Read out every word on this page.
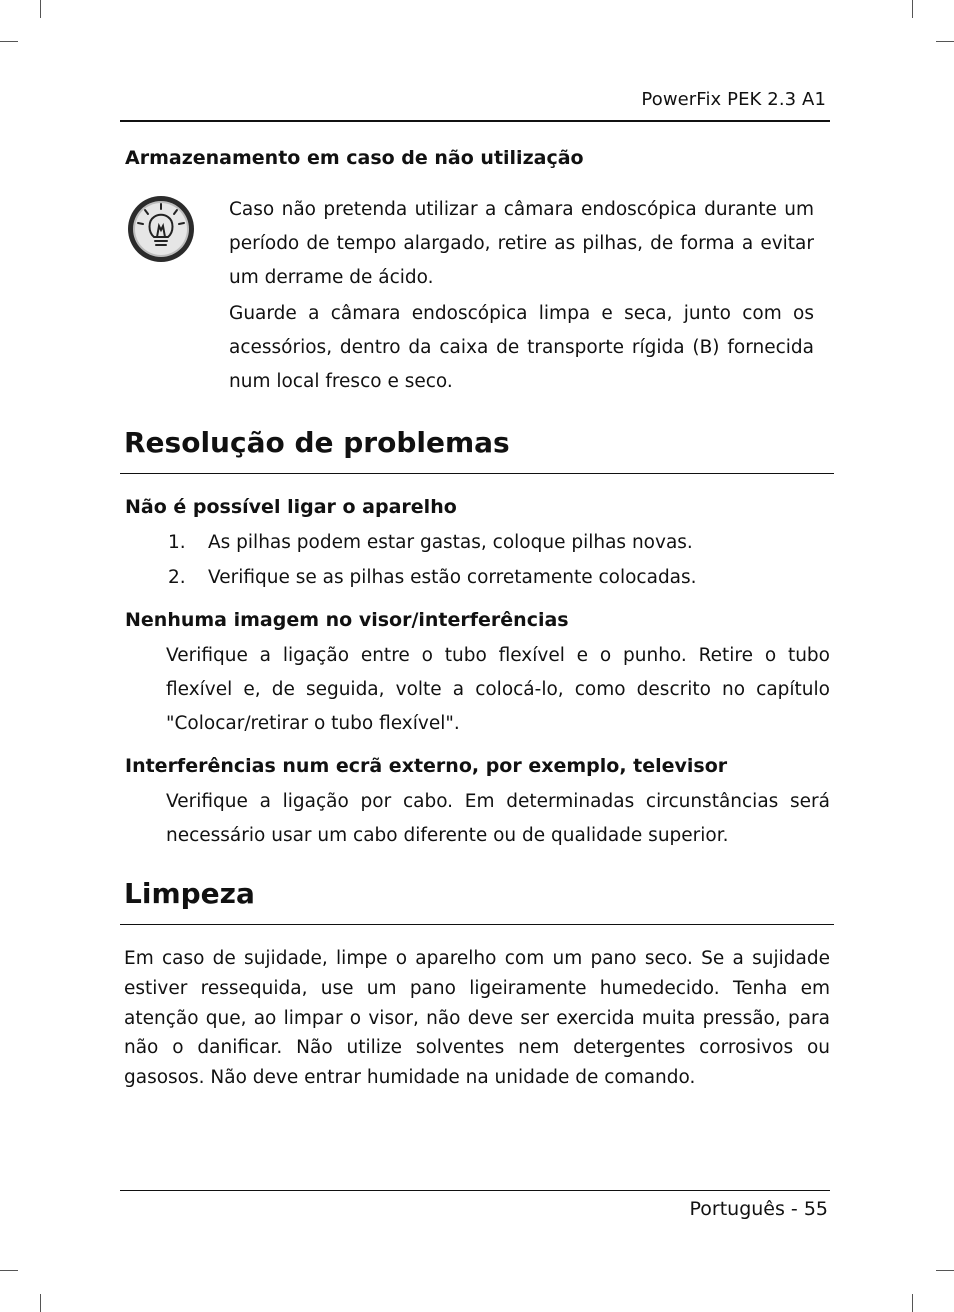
PowerFix PEK 2.3 A1
Armazenamento em caso de não utilização

Caso não pretenda utilizar a câmara endoscópica durante um período de tempo alargado, retire as pilhas, de forma a evitar um derrame de ácido.

Guarde a câmara endoscópica limpa e seca, junto com os acessórios, dentro da caixa de transporte rígida (B) fornecida num local fresco e seco.

Resolução de problemas
Não é possível ligar o aparelho
1. As pilhas podem estar gastas, coloque pilhas novas.
2. Verifique se as pilhas estão corretamente colocadas.
Nenhuma imagem no visor/interferências

Verifique a ligação entre o tubo flexível e o punho. Retire o tubo flexível e, de seguida, volte a colocá-lo, como descrito no capítulo "Colocar/retirar o tubo flexível".

Interferências num ecrã externo, por exemplo, televisor

Verifique a ligação por cabo. Em determinadas circunstâncias será necessário usar um cabo diferente ou de qualidade superior.

Limpeza

Em caso de sujidade, limpe o aparelho com um pano seco. Se a sujidade estiver ressequida, use um pano ligeiramente humedecido. Tenha em atenção que, ao limpar o visor, não deve ser exercida muita pressão, para não o danificar. Não utilize solventes nem detergentes corrosivos ou gasosos. Não deve entrar humidade na unidade de comando.

Português - 55
